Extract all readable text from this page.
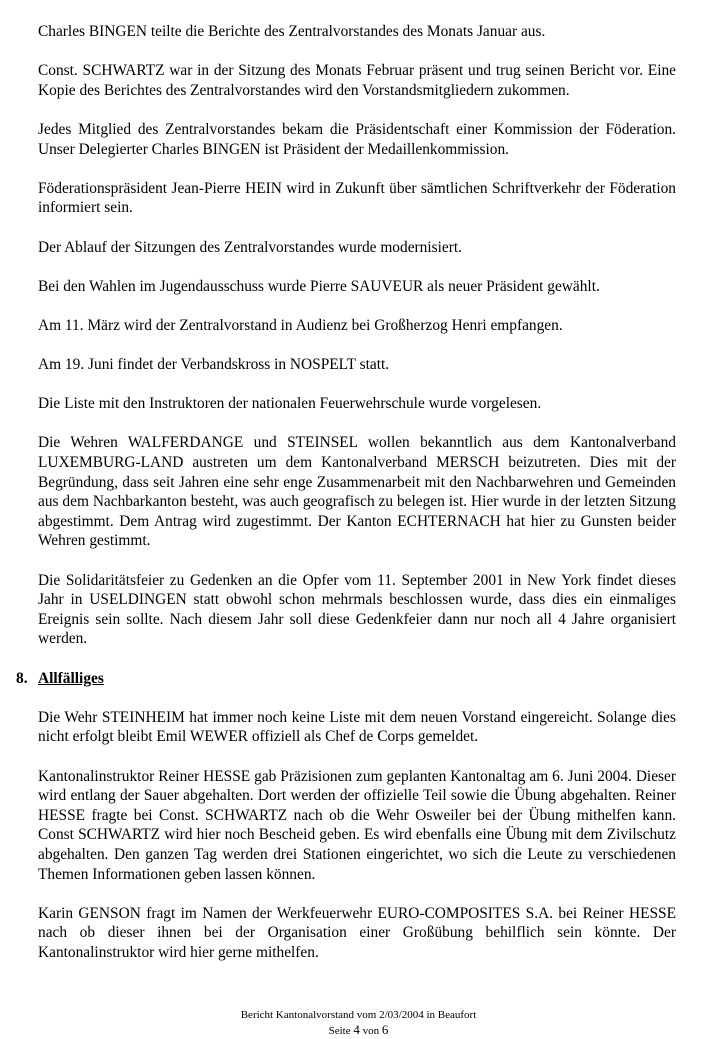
Charles BINGEN teilte die Berichte des Zentralvorstandes des Monats Januar aus.

Const. SCHWARTZ war in der Sitzung des Monats Februar präsent und trug seinen Bericht vor. Eine Kopie des Berichtes des Zentralvorstandes wird den Vorstandsmitgliedern zukommen.

Jedes Mitglied des Zentralvorstandes bekam die Präsidentschaft einer Kommission der Föderation. Unser Delegierter Charles BINGEN ist Präsident der Medaillenkommission.

Föderationspräsident Jean-Pierre HEIN wird in Zukunft über sämtlichen Schriftverkehr der Föderation informiert sein.

Der Ablauf der Sitzungen des Zentralvorstandes wurde modernisiert.

Bei den Wahlen im Jugendausschuss wurde Pierre SAUVEUR als neuer Präsident gewählt.

Am 11. März wird der Zentralvorstand in Audienz bei Großherzog Henri empfangen.

Am 19. Juni findet der Verbandskross in NOSPELT statt.

Die Liste mit den Instruktoren der nationalen Feuerwehrschule wurde vorgelesen.

Die Wehren WALFERDANGE und STEINSEL wollen bekanntlich aus dem Kantonalverband LUXEMBURG-LAND austreten um dem Kantonalverband MERSCH beizutreten. Dies mit der Begründung, dass seit Jahren eine sehr enge Zusammenarbeit mit den Nachbarwehren und Gemeinden aus dem Nachbarkanton besteht, was auch geografisch zu belegen ist. Hier wurde in der letzten Sitzung abgestimmt. Dem Antrag wird zugestimmt. Der Kanton ECHTERNACH hat hier zu Gunsten beider Wehren gestimmt.

Die Solidaritätsfeier zu Gedenken an die Opfer vom 11. September 2001 in New York findet dieses Jahr in USELDINGEN statt obwohl schon mehrmals beschlossen wurde, dass dies ein einmaliges Ereignis sein sollte. Nach diesem Jahr soll diese Gedenkfeier dann nur noch all 4 Jahre organisiert werden.

8. Allfälliges

Die Wehr STEINHEIM hat immer noch keine Liste mit dem neuen Vorstand eingereicht. Solange dies nicht erfolgt bleibt Emil WEWER offiziell als Chef de Corps gemeldet.

Kantonalinstruktor Reiner HESSE gab Präzisionen zum geplanten Kantonaltag am 6. Juni 2004. Dieser wird entlang der Sauer abgehalten. Dort werden der offizielle Teil sowie die Übung abgehalten. Reiner HESSE fragte bei Const. SCHWARTZ nach ob die Wehr Osweiler bei der Übung mithelfen kann. Const SCHWARTZ wird hier noch Bescheid geben. Es wird ebenfalls eine Übung mit dem Zivilschutz abgehalten. Den ganzen Tag werden drei Stationen eingerichtet, wo sich die Leute zu verschiedenen Themen Informationen geben lassen können.

Karin GENSON fragt im Namen der Werkfeuerwehr EURO-COMPOSITES S.A. bei Reiner HESSE nach ob dieser ihnen bei der Organisation einer Großübung behilflich sein könnte. Der Kantonalinstruktor wird hier gerne mithelfen.

Bericht Kantonalvorstand vom 2/03/2004 in Beaufort
Seite 4 von 6
